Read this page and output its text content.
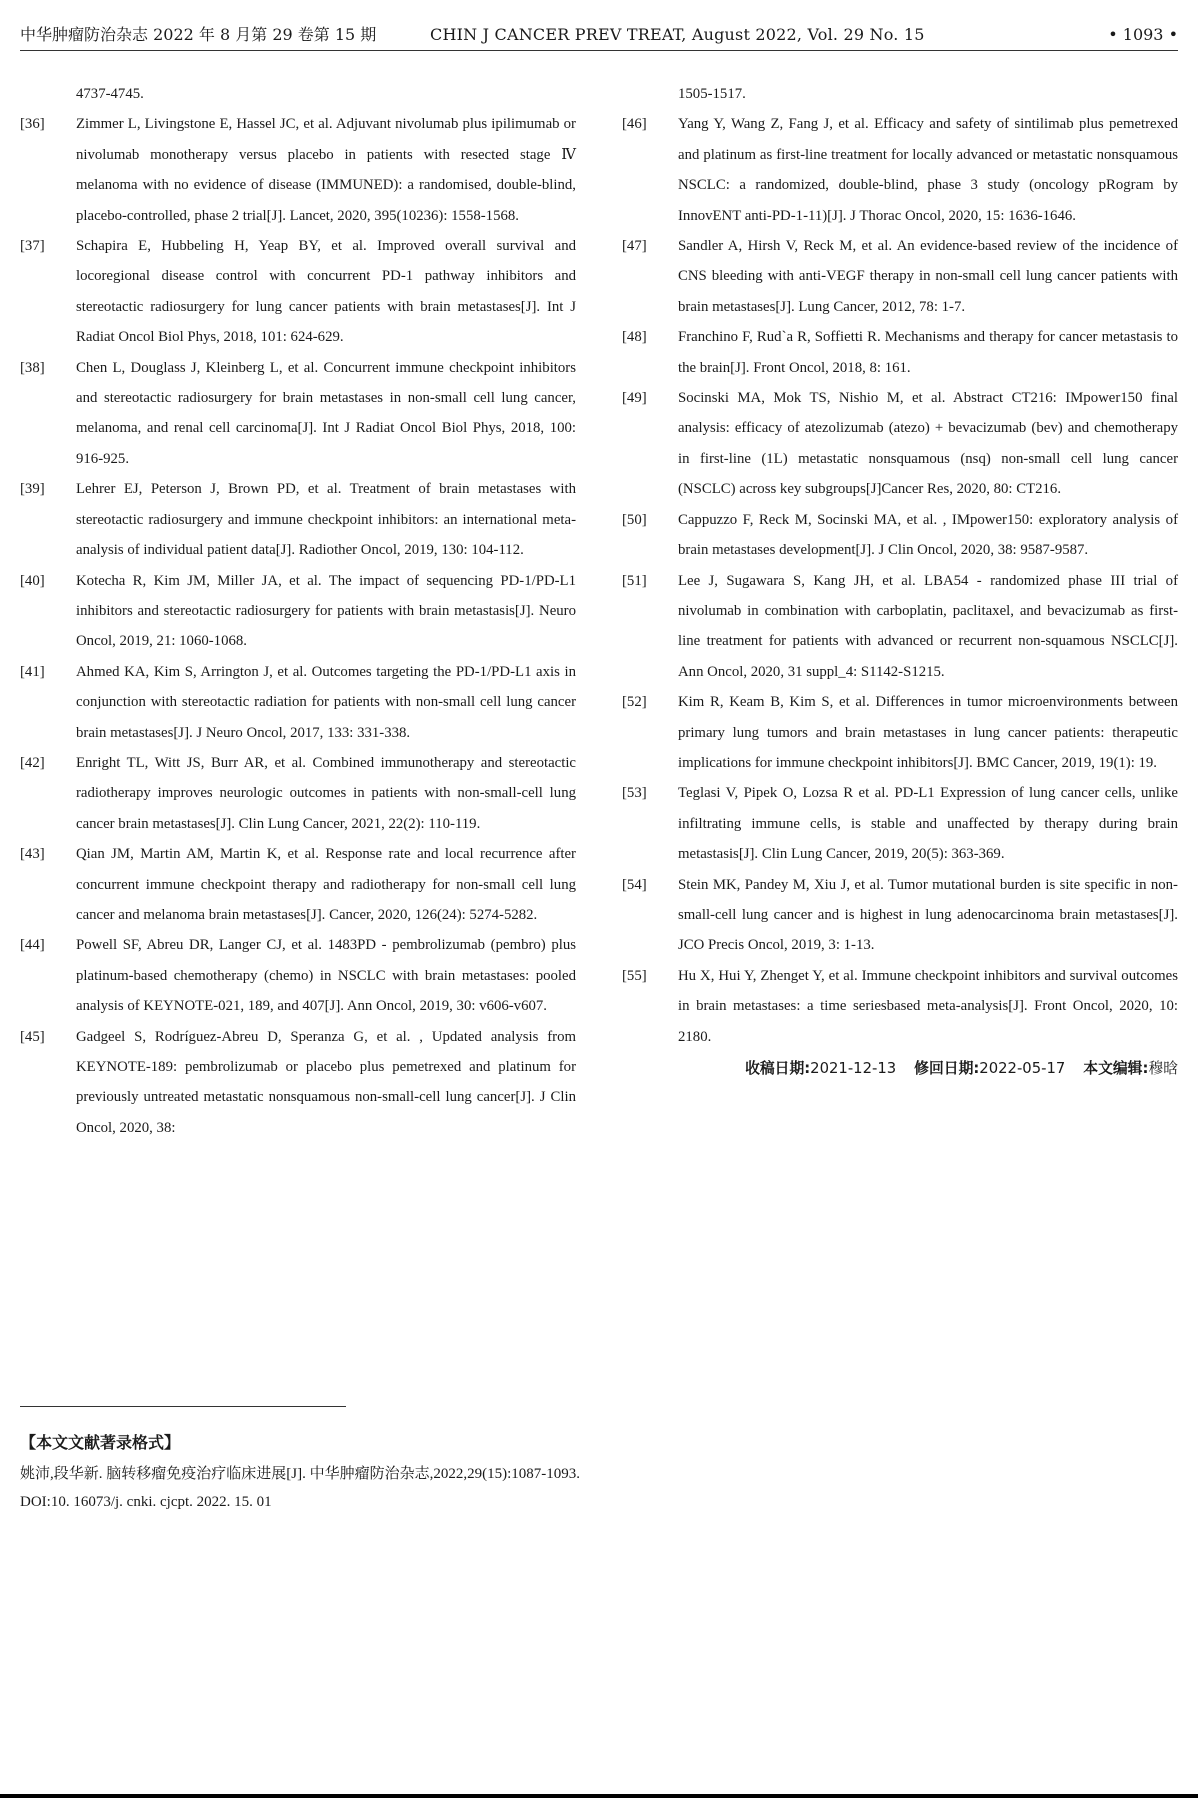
中华肿瘤防治杂志 2022 年 8 月第 29 卷第 15 期	CHIN J CANCER PREV TREAT, August 2022, Vol. 29 No. 15	• 1093 •
4737-4745.
[36] Zimmer L, Livingstone E, Hassel JC, et al. Adjuvant nivolumab plus ipilimumab or nivolumab monotherapy versus placebo in patients with resected stage Ⅳ melanoma with no evidence of disease (IMMUNED): a randomised, double-blind, placebo-controlled, phase 2 trial[J]. Lancet, 2020, 395(10236): 1558-1568.
[37] Schapira E, Hubbeling H, Yeap BY, et al. Improved overall survival and locoregional disease control with concurrent PD-1 pathway inhibitors and stereotactic radiosurgery for lung cancer patients with brain metastases[J]. Int J Radiat Oncol Biol Phys, 2018, 101: 624-629.
[38] Chen L, Douglass J, Kleinberg L, et al. Concurrent immune checkpoint inhibitors and stereotactic radiosurgery for brain metastases in non-small cell lung cancer, melanoma, and renal cell carcinoma[J]. Int J Radiat Oncol Biol Phys, 2018, 100: 916-925.
[39] Lehrer EJ, Peterson J, Brown PD, et al. Treatment of brain metastases with stereotactic radiosurgery and immune checkpoint inhibitors: an international meta-analysis of individual patient data[J]. Radiother Oncol, 2019, 130: 104-112.
[40] Kotecha R, Kim JM, Miller JA, et al. The impact of sequencing PD-1/PD-L1 inhibitors and stereotactic radiosurgery for patients with brain metastasis[J]. Neuro Oncol, 2019, 21: 1060-1068.
[41] Ahmed KA, Kim S, Arrington J, et al. Outcomes targeting the PD-1/PD-L1 axis in conjunction with stereotactic radiation for patients with non-small cell lung cancer brain metastases[J]. J Neuro Oncol, 2017, 133: 331-338.
[42] Enright TL, Witt JS, Burr AR, et al. Combined immunotherapy and stereotactic radiotherapy improves neurologic outcomes in patients with non-small-cell lung cancer brain metastases[J]. Clin Lung Cancer, 2021, 22(2): 110-119.
[43] Qian JM, Martin AM, Martin K, et al. Response rate and local recurrence after concurrent immune checkpoint therapy and radiotherapy for non-small cell lung cancer and melanoma brain metastases[J]. Cancer, 2020, 126(24): 5274-5282.
[44] Powell SF, Abreu DR, Langer CJ, et al. 1483PD - pembrolizumab (pembro) plus platinum-based chemotherapy (chemo) in NSCLC with brain metastases: pooled analysis of KEYNOTE-021, 189, and 407[J]. Ann Oncol, 2019, 30: v606-v607.
[45] Gadgeel S, Rodríguez-Abreu D, Speranza G, et al. , Updated analysis from KEYNOTE-189: pembrolizumab or placebo plus pemetrexed and platinum for previously untreated metastatic nonsquamous non-small-cell lung cancer[J]. J Clin Oncol, 2020, 38:
1505-1517.
[46] Yang Y, Wang Z, Fang J, et al. Efficacy and safety of sintilimab plus pemetrexed and platinum as first-line treatment for locally advanced or metastatic nonsquamous NSCLC: a randomized, double-blind, phase 3 study (oncology pRogram by InnovENT anti-PD-1-11)[J]. J Thorac Oncol, 2020, 15: 1636-1646.
[47] Sandler A, Hirsh V, Reck M, et al. An evidence-based review of the incidence of CNS bleeding with anti-VEGF therapy in non-small cell lung cancer patients with brain metastases[J]. Lung Cancer, 2012, 78: 1-7.
[48] Franchino F, Rud`a R, Soffietti R. Mechanisms and therapy for cancer metastasis to the brain[J]. Front Oncol, 2018, 8: 161.
[49] Socinski MA, Mok TS, Nishio M, et al. Abstract CT216: IMpower150 final analysis: efficacy of atezolizumab (atezo) + bevacizumab (bev) and chemotherapy in first-line (1L) metastatic nonsquamous (nsq) non-small cell lung cancer (NSCLC) across key subgroups[J]Cancer Res, 2020, 80: CT216.
[50] Cappuzzo F, Reck M, Socinski MA, et al. , IMpower150: exploratory analysis of brain metastases development[J]. J Clin Oncol, 2020, 38: 9587-9587.
[51] Lee J, Sugawara S, Kang JH, et al. LBA54 - randomized phase III trial of nivolumab in combination with carboplatin, paclitaxel, and bevacizumab as first-line treatment for patients with advanced or recurrent non-squamous NSCLC[J]. Ann Oncol, 2020, 31 suppl_4: S1142-S1215.
[52] Kim R, Keam B, Kim S, et al. Differences in tumor microenvironments between primary lung tumors and brain metastases in lung cancer patients: therapeutic implications for immune checkpoint inhibitors[J]. BMC Cancer, 2019, 19(1): 19.
[53] Teglasi V, Pipek O, Lozsa R et al. PD-L1 Expression of lung cancer cells, unlike infiltrating immune cells, is stable and unaffected by therapy during brain metastasis[J]. Clin Lung Cancer, 2019, 20(5): 363-369.
[54] Stein MK, Pandey M, Xiu J, et al. Tumor mutational burden is site specific in non-small-cell lung cancer and is highest in lung adenocarcinoma brain metastases[J]. JCO Precis Oncol, 2019, 3: 1-13.
[55] Hu X, Hui Y, Zhenget Y, et al. Immune checkpoint inhibitors and survival outcomes in brain metastases: a time seriesbased meta-analysis[J]. Front Oncol, 2020, 10: 2180.
收稿日期:2021-12-13 修回日期:2022-05-17 本文编辑:穆晗
【本文文献著录格式】
姚沛,段华新. 脑转移瘤免疫治疗临床进展[J]. 中华肿瘤防治杂志,2022,29(15):1087-1093.
DOI:10. 16073/j. cnki. cjcpt. 2022. 15. 01
